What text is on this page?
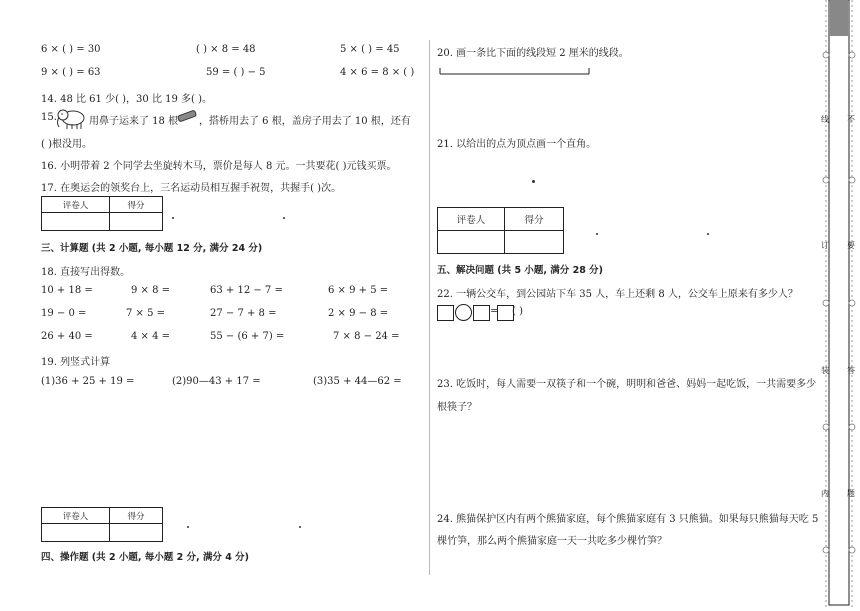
6 × ( ) = 30	( ) × 8 = 48	5 × ( ) = 45
9 × ( ) = 63	59 = ( ) − 5	4 × 6 = 8 × ( )
14. 48 比 61 少( )，30 比 19 多( )。
15.	用鼻子运来了 18 根 ，搭桥用去了 6 根，盖房子用去了 10 根，还有
( )根没用。
16. 小明带着 2 个同学去坐旋转木马，票价是每人 8 元。一共要花( )元钱买票。
17. 在奥运会的领奖台上，三名运动员相互握手祝贺，共握手( )次。
评卷人	得分

三、计算题 (共 2 小题, 每小题 12 分, 满分 24 分)
18. 直接写出得数。
10 + 18 =	9 × 8 =	63 + 12 − 7 =	6 × 9 + 5 =
19 − 0 =	7 × 5 =	27 − 7 + 8 =	2 × 9 − 8 =
26 + 40 =	4 × 4 =	55 − (6 + 7) =	7 × 8 − 24 =
19. 列竖式计算
(1)36 + 25 + 19 =	(2)90—43 + 17 =	(3)35 + 44—62 =
评卷人	得分

四、操作题 (共 2 小题, 每小题 2 分, 满分 4 分)
20. 画一条比下面的线段短 2 厘米的线段。
21. 以给出的点为顶点画一个直角。
评卷人	得分

五、解决问题 (共 5 小题, 满分 28 分)
22. 一辆公交车，到公园站下车 35 人，车上还剩 8 人，公交车上原来有多少人？
= ( )
23. 吃饭时，每人需要一双筷子和一个碗，明明和爸爸、妈妈一起吃饭，一共需要多少
根筷子？
24. 熊猫保护区内有两个熊猫家庭，每个熊猫家庭有 3 只熊猫。如果每只熊猫每天吃 5
棵竹笋，那么两个熊猫家庭一天一共吃多少棵竹笋？
线
订
装
内
不
要
答
题
